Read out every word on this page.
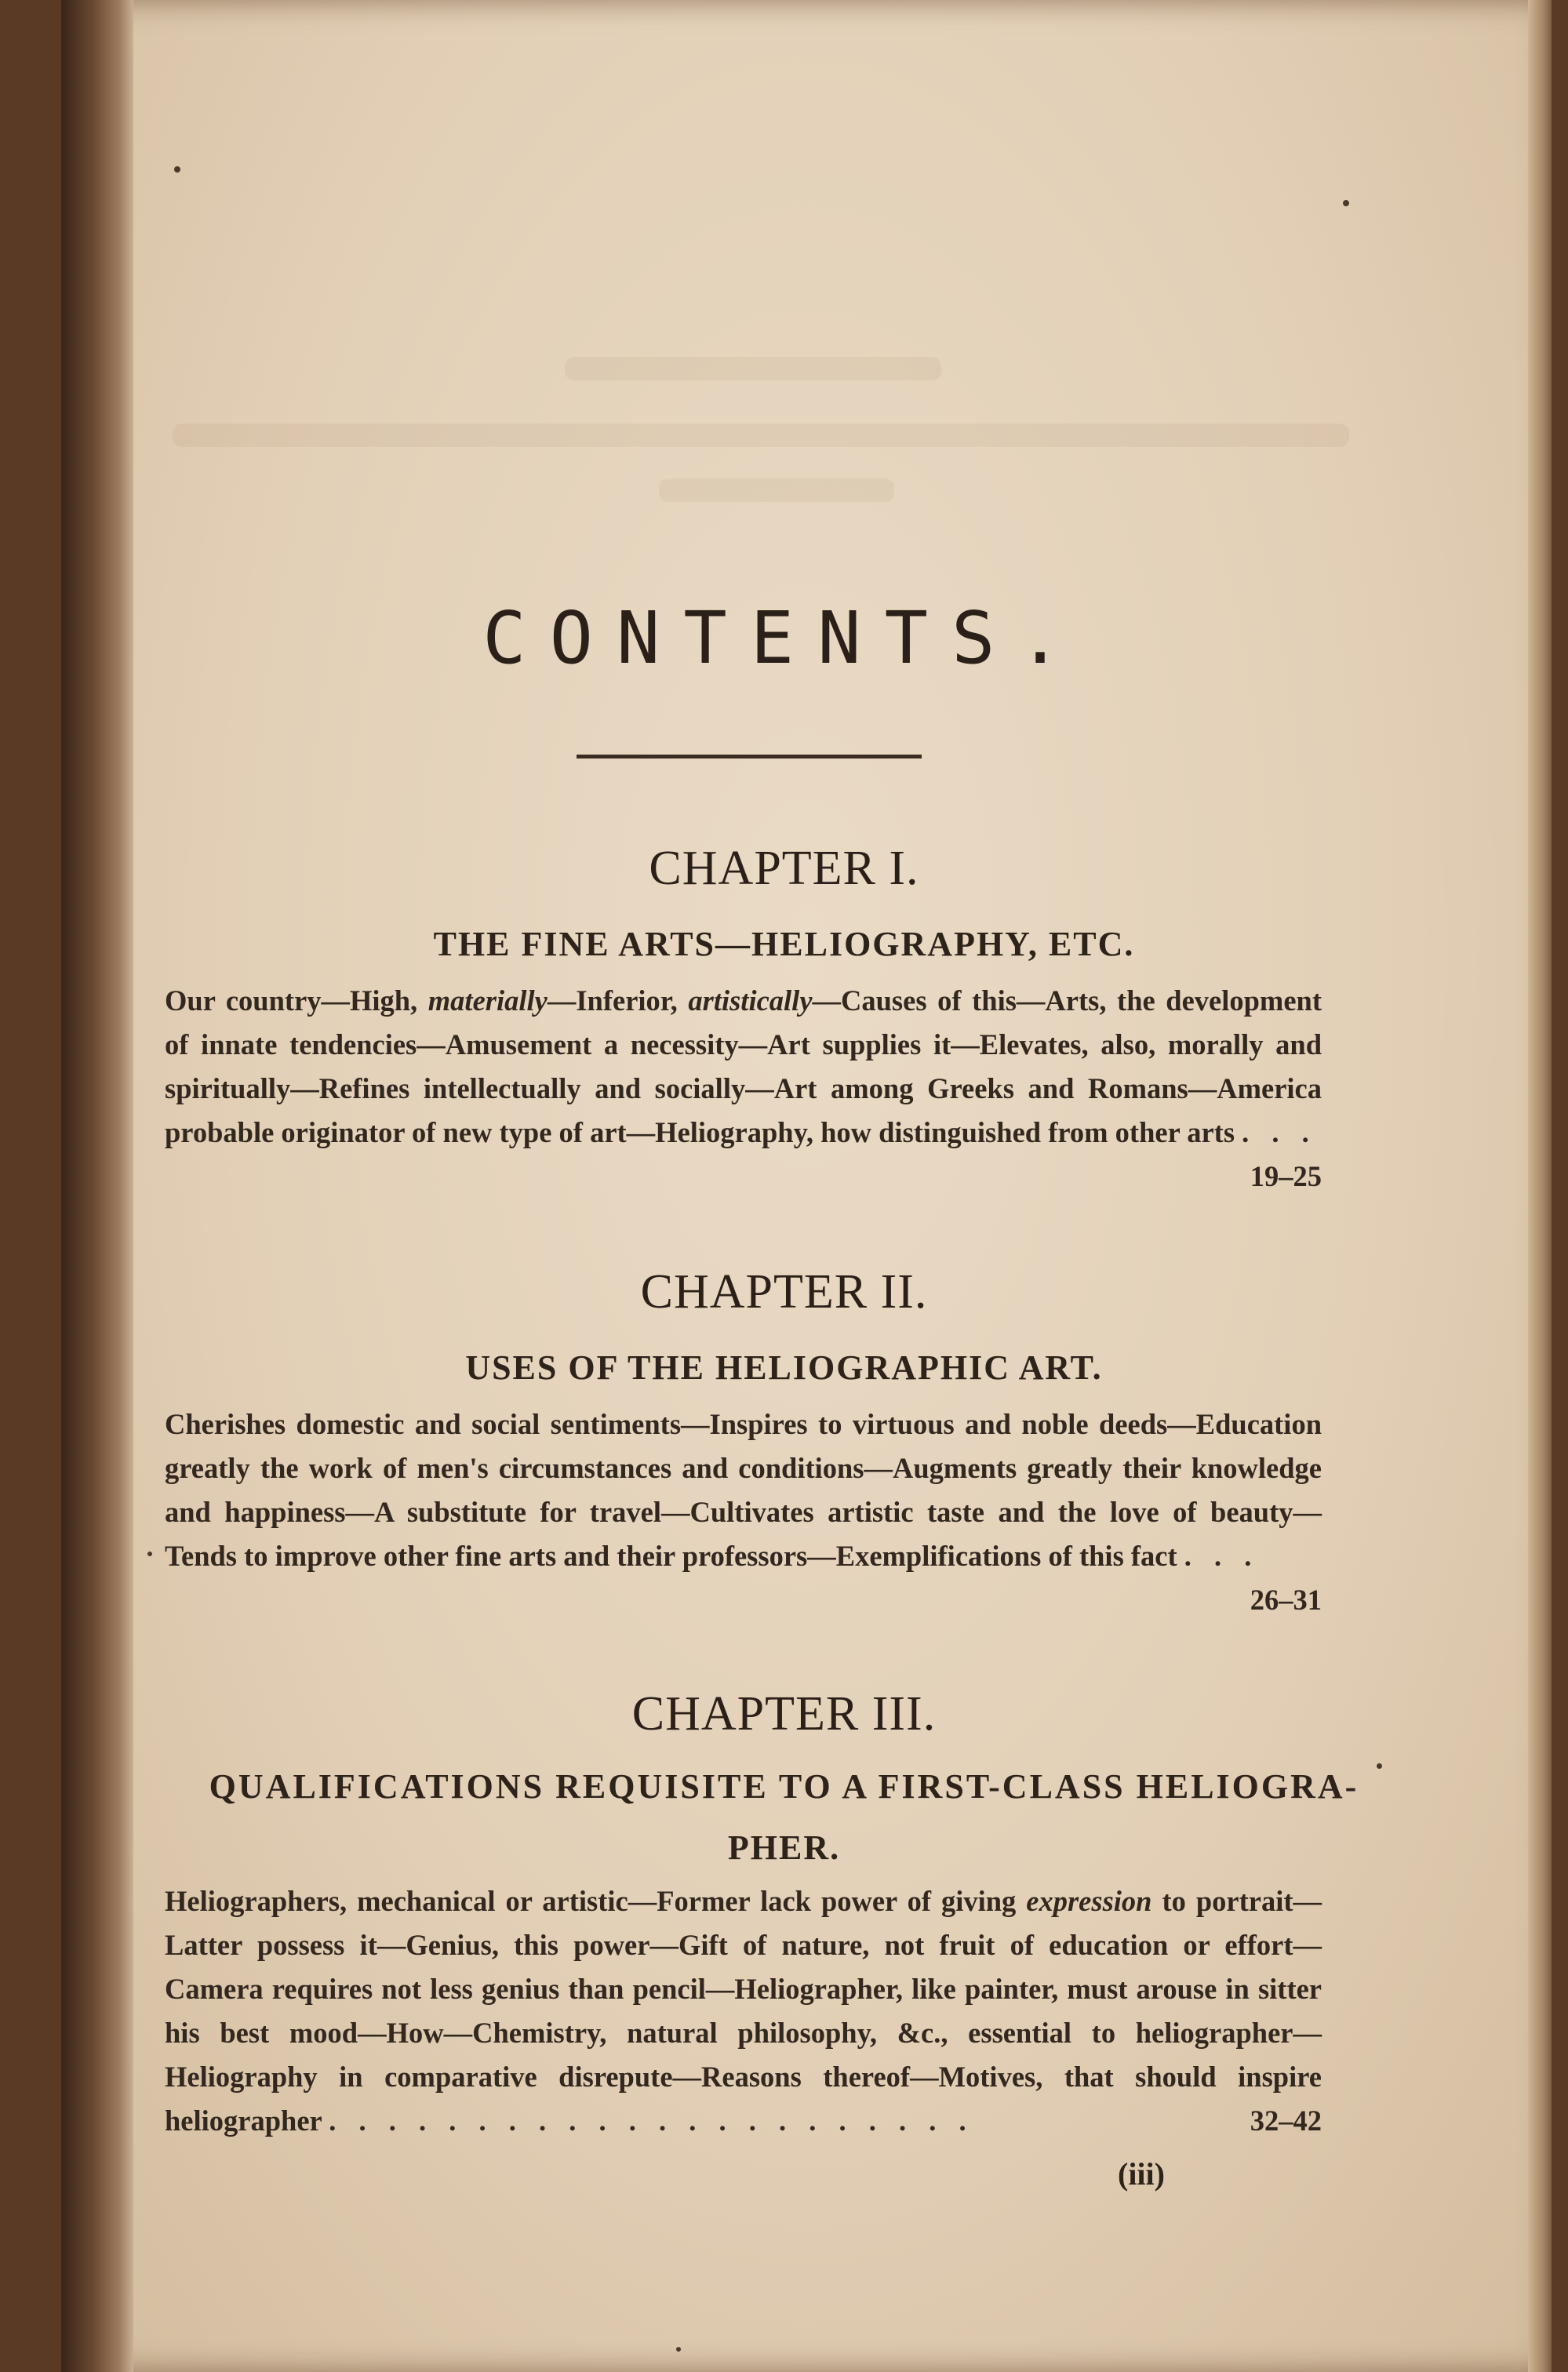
CONTENTS.
CHAPTER I.
THE FINE ARTS—HELIOGRAPHY, ETC.
Our country—High, materially—Inferior, artistically—Causes of this—Arts, the development of innate tendencies—Amusement a necessity—Art supplies it—Elevates, also, morally and spiritually—Refines intellectually and socially—Art among Greeks and Romans—America probable originator of new type of art—Heliography, how distinguished from other arts . . .
19–25
CHAPTER II.
USES OF THE HELIOGRAPHIC ART.
Cherishes domestic and social sentiments—Inspires to virtuous and noble deeds—Education greatly the work of men's circumstances and conditions—Augments greatly their knowledge and happiness—A substitute for travel—Cultivates artistic taste and the love of beauty—Tends to improve other fine arts and their professors—Exemplifications of this fact . . .
26–31
CHAPTER III.
QUALIFICATIONS REQUISITE TO A FIRST-CLASS HELIOGRA-
PHER.
Heliographers, mechanical or artistic—Former lack power of giving expression to portrait—Latter possess it—Genius, this power—Gift of nature, not fruit of education or effort—Camera requires not less genius than pencil—Heliographer, like painter, must arouse in sitter his best mood—How—Chemistry, natural philosophy, &c., essential to heliographer—Heliography in comparative disrepute—Reasons thereof—Motives, that should inspire heliographer . . . . . . . . . . . . . . . . . . . . . .	32–42
(iii)
